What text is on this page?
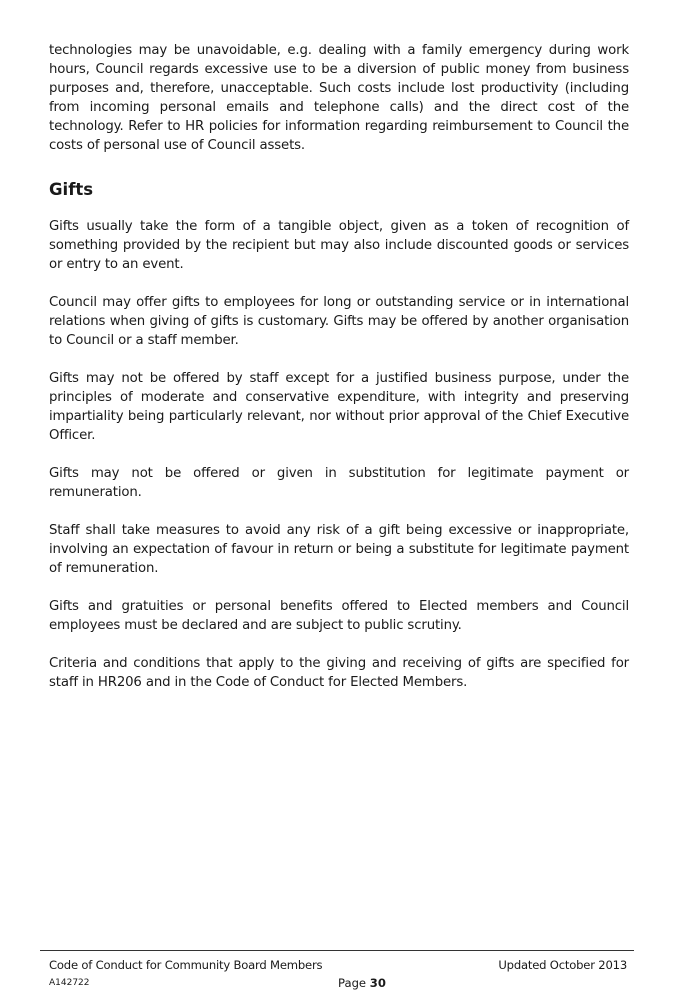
technologies may be unavoidable, e.g. dealing with a family emergency during work hours, Council regards excessive use to be a diversion of public money from business purposes and, therefore, unacceptable. Such costs include lost productivity (including from incoming personal emails and telephone calls) and the direct cost of the technology. Refer to HR policies for information regarding reimbursement to Council the costs of personal use of Council assets.

Gifts

Gifts usually take the form of a tangible object, given as a token of recognition of something provided by the recipient but may also include discounted goods or services or entry to an event.

Council may offer gifts to employees for long or outstanding service or in international relations when giving of gifts is customary. Gifts may be offered by another organisation to Council or a staff member.

Gifts may not be offered by staff except for a justified business purpose, under the principles of moderate and conservative expenditure, with integrity and preserving impartiality being particularly relevant, nor without prior approval of the Chief Executive Officer.

Gifts may not be offered or given in substitution for legitimate payment or remuneration.

Staff shall take measures to avoid any risk of a gift being excessive or inappropriate, involving an expectation of favour in return or being a substitute for legitimate payment of remuneration.

Gifts and gratuities or personal benefits offered to Elected members and Council employees must be declared and are subject to public scrutiny.

Criteria and conditions that apply to the giving and receiving of gifts are specified for staff in HR206 and in the Code of Conduct for Elected Members.

Code of Conduct for Community Board Members	Updated October 2013
A142722	Page 30
